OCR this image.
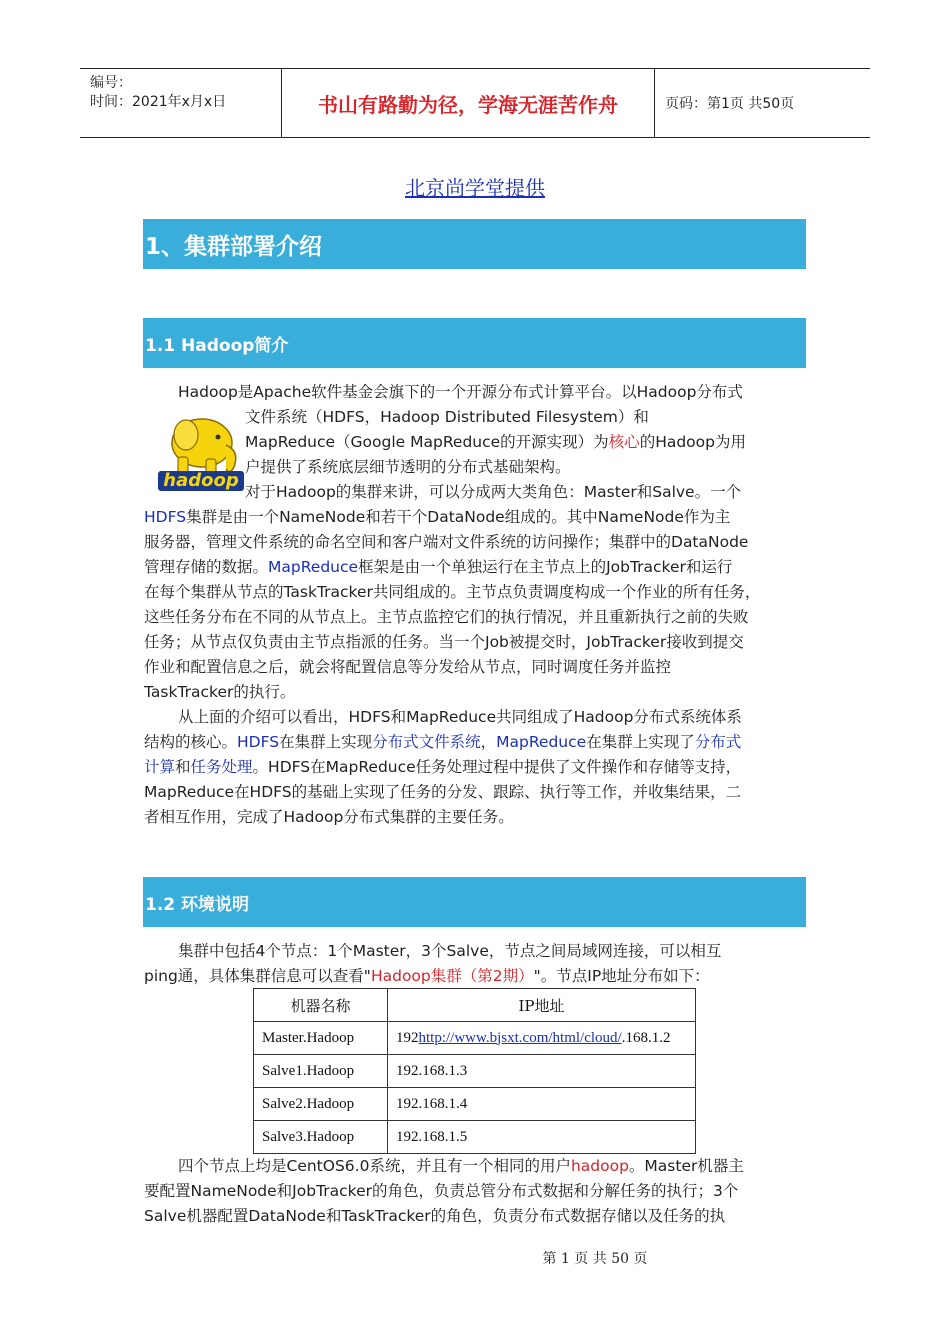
编号：
时间：2021年x月x日	书山有路勤为径，学海无涯苦作舟	页码：第1页 共50页
北京尚学堂提供
1、集群部署介绍
1.1 Hadoop简介
hadoop
Hadoop是Apache软件基金会旗下的一个开源分布式计算平台。以Hadoop分布式
文件系统（HDFS，Hadoop Distributed Filesystem）和
MapReduce（Google MapReduce的开源实现）为核心的Hadoop为用
户提供了系统底层细节透明的分布式基础架构。
对于Hadoop的集群来讲，可以分成两大类角色：Master和Salve。一个
HDFS集群是由一个NameNode和若干个DataNode组成的。其中NameNode作为主
服务器，管理文件系统的命名空间和客户端对文件系统的访问操作；集群中的DataNode
管理存储的数据。MapReduce框架是由一个单独运行在主节点上的JobTracker和运行
在每个集群从节点的TaskTracker共同组成的。主节点负责调度构成一个作业的所有任务，
这些任务分布在不同的从节点上。主节点监控它们的执行情况，并且重新执行之前的失败
任务；从节点仅负责由主节点指派的任务。当一个Job被提交时，JobTracker接收到提交
作业和配置信息之后，就会将配置信息等分发给从节点，同时调度任务并监控
TaskTracker的执行。
从上面的介绍可以看出，HDFS和MapReduce共同组成了Hadoop分布式系统体系
结构的核心。HDFS在集群上实现分布式文件系统，MapReduce在集群上实现了分布式
计算和任务处理。HDFS在MapReduce任务处理过程中提供了文件操作和存储等支持，
MapReduce在HDFS的基础上实现了任务的分发、跟踪、执行等工作，并收集结果，二
者相互作用，完成了Hadoop分布式集群的主要任务。
1.2 环境说明
集群中包括4个节点：1个Master，3个Salve，节点之间局域网连接，可以相互
ping通，具体集群信息可以查看"Hadoop集群（第2期）"。节点IP地址分布如下：
机器名称	IP地址
Master.Hadoop	192http://www.bjsxt.com/html/cloud/.168.1.2
Salve1.Hadoop	192.168.1.3
Salve2.Hadoop	192.168.1.4
Salve3.Hadoop	192.168.1.5
四个节点上均是CentOS6.0系统，并且有一个相同的用户hadoop。Master机器主
要配置NameNode和JobTracker的角色，负责总管分布式数据和分解任务的执行；3个
Salve机器配置DataNode和TaskTracker的角色，负责分布式数据存储以及任务的执
第 1 页 共 50 页
